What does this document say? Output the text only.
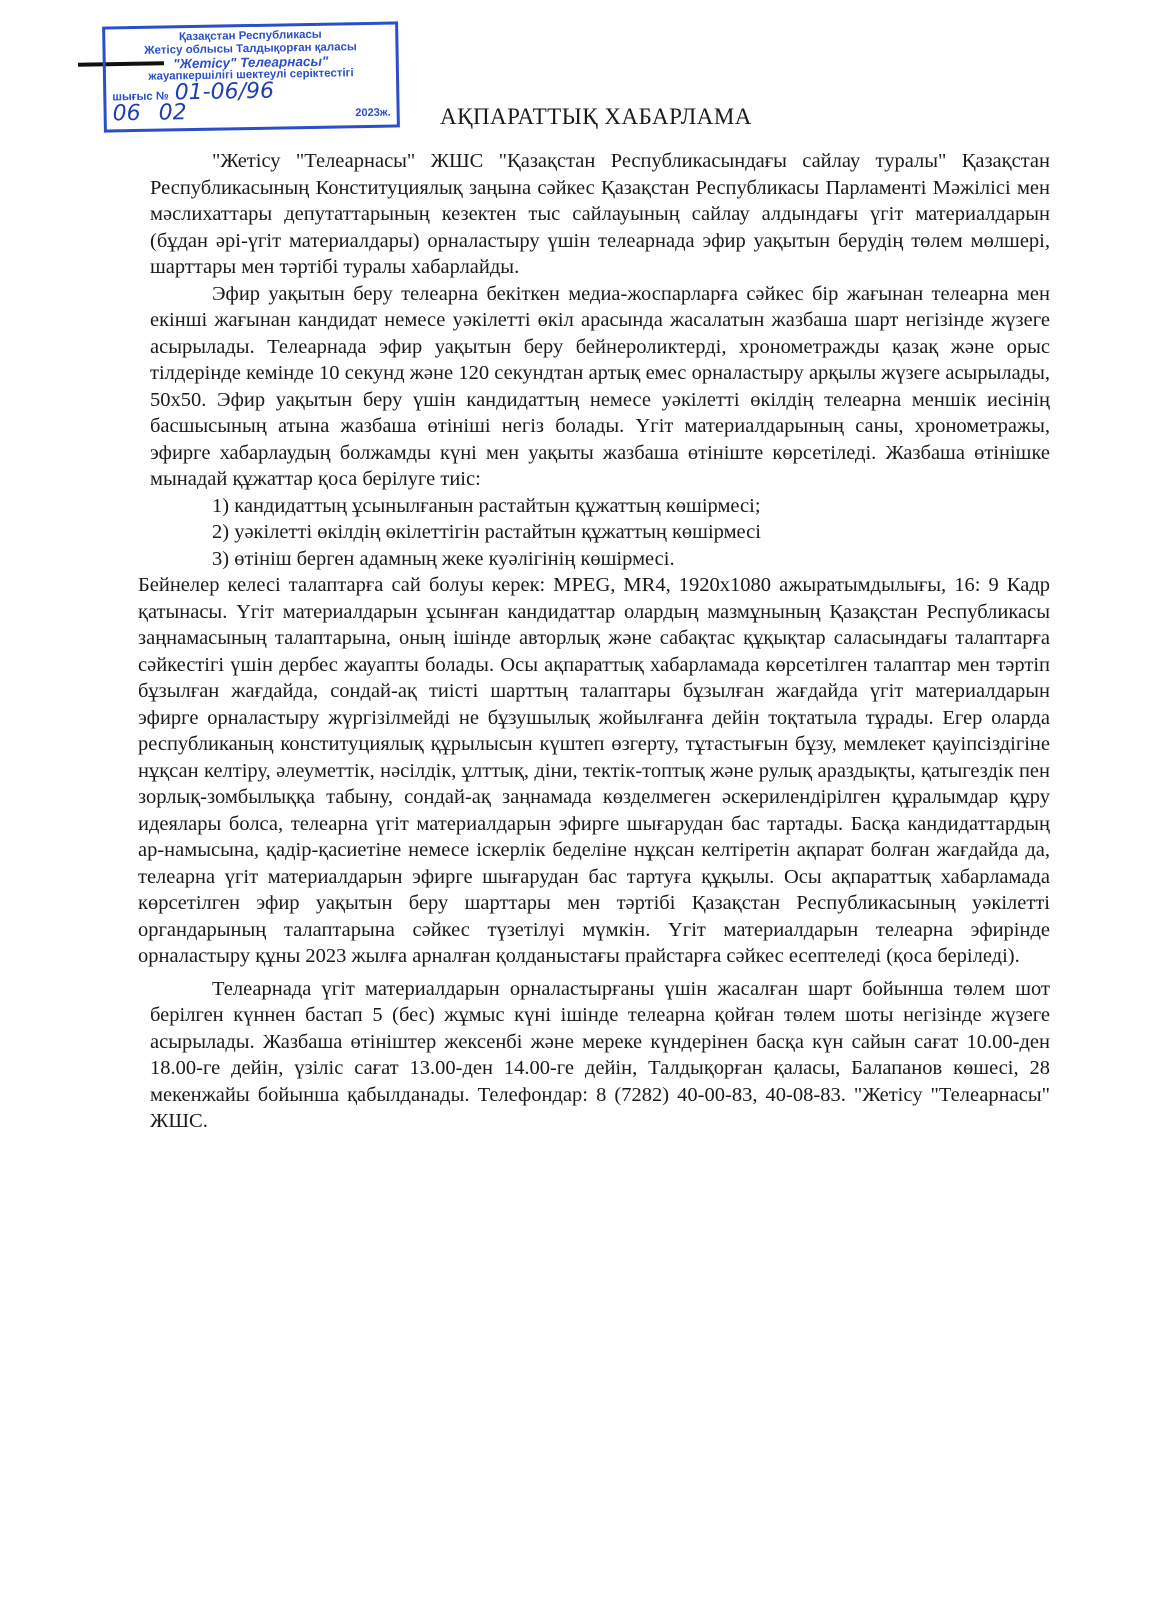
Қазақстан Республикасы
Жетісу облысы Талдықорған қаласы
"Жетісу" Телеарнасы"
жауапкершілігі шектеулі серіктестігі
шығыс № 01-06/96
06 02	2023ж. АҚПАРАТТЫҚ ХАБАРЛАМА

"Жетісу "Телеарнасы" ЖШС "Қазақстан Республикасындағы сайлау туралы" Қазақстан Республикасының Конституциялық заңына сәйкес Қазақстан Республикасы Парламенті Мәжілісі мен мәслихаттары депутаттарының кезектен тыс сайлауының сайлау алдындағы үгіт материалдарын (бұдан әрі-үгіт материалдары) орналастыру үшін телеарнада эфир уақытын берудің төлем мөлшері, шарттары мен тәртібі туралы хабарлайды.

Эфир уақытын беру телеарна бекіткен медиа-жоспарларға сәйкес бір жағынан телеарна мен екінші жағынан кандидат немесе уәкілетті өкіл арасында жасалатын жазбаша шарт негізінде жүзеге асырылады. Телеарнада эфир уақытын беру бейнероликтерді, хронометражды қазақ және орыс тілдерінде кемінде 10 секунд және 120 секундтан артық емес орналастыру арқылы жүзеге асырылады, 50х50. Эфир уақытын беру үшін кандидаттың немесе уәкілетті өкілдің телеарна меншік иесінің басшысының атына жазбаша өтініші негіз болады. Үгіт материалдарының саны, хронометражы, эфирге хабарлаудың болжамды күні мен уақыты жазбаша өтініште көрсетіледі. Жазбаша өтінішке мынадай құжаттар қоса берілуге тиіс:

1) кандидаттың ұсынылғанын растайтын құжаттың көшірмесі;

2) уәкілетті өкілдің өкілеттігін растайтын құжаттың көшірмесі

3) өтініш берген адамның жеке куәлігінің көшірмесі.

Бейнелер келесі талаптарға сай болуы керек: MPEG, MR4, 1920х1080 ажыратымдылығы, 16: 9 Кадр қатынасы. Үгіт материалдарын ұсынған кандидаттар олардың мазмұнының Қазақстан Республикасы заңнамасының талаптарына, оның ішінде авторлық және сабақтас құқықтар саласындағы талаптарға сәйкестігі үшін дербес жауапты болады. Осы ақпараттық хабарламада көрсетілген талаптар мен тәртіп бұзылған жағдайда, сондай-ақ тиісті шарттың талаптары бұзылған жағдайда үгіт материалдарын эфирге орналастыру жүргізілмейді не бұзушылық жойылғанға дейін тоқтатыла тұрады. Егер оларда республиканың конституциялық құрылысын күштеп өзгерту, тұтастығын бұзу, мемлекет қауіпсіздігіне нұқсан келтіру, әлеуметтік, нәсілдік, ұлттық, діни, тектік-топтық және рулық араздықты, қатыгездік пен зорлық-зомбылыққа табыну, сондай-ақ заңнамада көзделмеген әскерилендірілген құралымдар құру идеялары болса, телеарна үгіт материалдарын эфирге шығарудан бас тартады. Басқа кандидаттардың ар-намысына, қадір-қасиетіне немесе іскерлік беделіне нұқсан келтіретін ақпарат болған жағдайда да, телеарна үгіт материалдарын эфирге шығарудан бас тартуға құқылы. Осы ақпараттық хабарламада көрсетілген эфир уақытын беру шарттары мен тәртібі Қазақстан Республикасының уәкілетті органдарының талаптарына сәйкес түзетілуі мүмкін. Үгіт материалдарын телеарна эфирінде орналастыру құны 2023 жылға арналған қолданыстағы прайстарға сәйкес есептеледі (қоса беріледі).

Телеарнада үгіт материалдарын орналастырғаны үшін жасалған шарт бойынша төлем шот берілген күннен бастап 5 (бес) жұмыс күні ішінде телеарна қойған төлем шоты негізінде жүзеге асырылады. Жазбаша өтініштер жексенбі және мереке күндерінен басқа күн сайын сағат 10.00-ден 18.00-ге дейін, үзіліс сағат 13.00-ден 14.00-ге дейін, Талдықорған қаласы, Балапанов көшесі, 28 мекенжайы бойынша қабылданады. Телефондар: 8 (7282) 40-00-83, 40-08-83. "Жетісу "Телеарнасы" ЖШС.
